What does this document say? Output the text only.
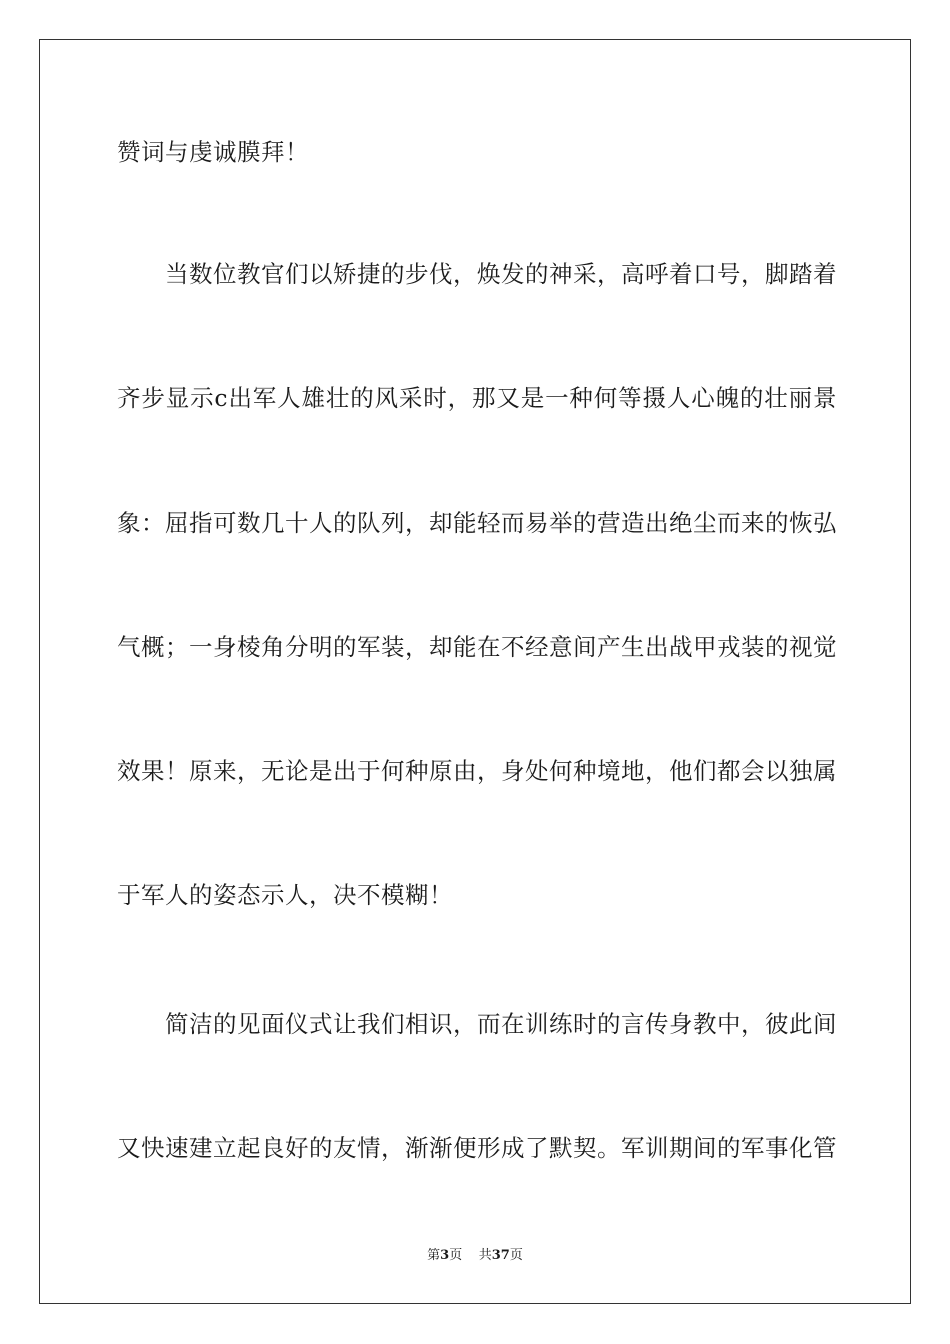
赞词与虔诚膜拜！
当数位教官们以矫捷的步伐，焕发的神采，高呼着口号，脚踏着
齐步显示c出军人雄壮的风采时，那又是一种何等摄人心魄的壮丽景
象：屈指可数几十人的队列，却能轻而易举的营造出绝尘而来的恢弘
气概；一身棱角分明的军装，却能在不经意间产生出战甲戎装的视觉
效果！原来，无论是出于何种原由，身处何种境地，他们都会以独属
于军人的姿态示人，决不模糊！
简洁的见面仪式让我们相识，而在训练时的言传身教中，彼此间
又快速建立起良好的友情，渐渐便形成了默契。军训期间的军事化管
第3页 共37页
